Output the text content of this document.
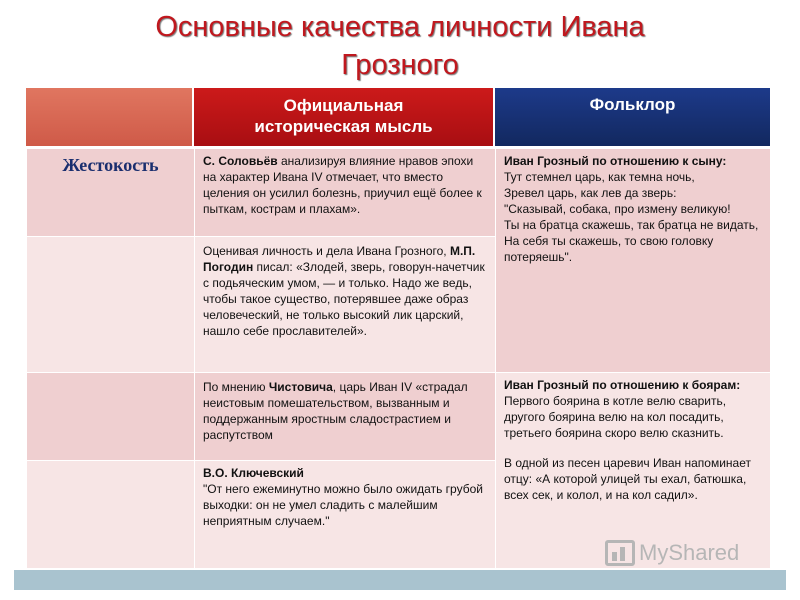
Основные качества личности Ивана
Грозного
Официальная
историческая мысль
Фольклор
Жестокость	С. Соловьёв анализируя влияние нравов эпохи на характер Ивана IV отмечает, что вместо целения он усилил болезнь, приучил ещё более к пыткам, кострам и плахам».
Оценивая личность и дела Ивана Грозного, М.П. Погодин писал: «Злодей, зверь, говорун-начетчик с подьяческим умом, — и только. Надо же ведь, чтобы такое существо, потерявшее даже образ человеческий, не только высокий лик царский, нашло себе прославителей».
По мнению Чистовича, царь Иван IV «страдал неистовым помешательством, вызванным и поддержанным яростным сладострастием и распутством
В.О. Ключевский
"От него ежеминутно можно было ожидать грубой выходки: он не умел сладить с малейшим неприятным случаем."
Иван Грозный по отношению к сыну:
Тут стемнел царь, как темна ночь,
Зревел царь, как лев да зверь:
"Сказывай, собака, про измену великую!
Ты на братца скажешь, так братца не видать,
На себя ты скажешь, то свою головку потеряешь".
Иван Грозный по отношению к боярам:
Первого боярина в котле велю сварить,
другого боярина велю на кол посадить,
третьего боярина скоро велю сказнить.
В одной из песен царевич Иван напоминает отцу: «А которой улицей ты ехал, батюшка, всех сек, и колол, и на кол садил».
MyShared
